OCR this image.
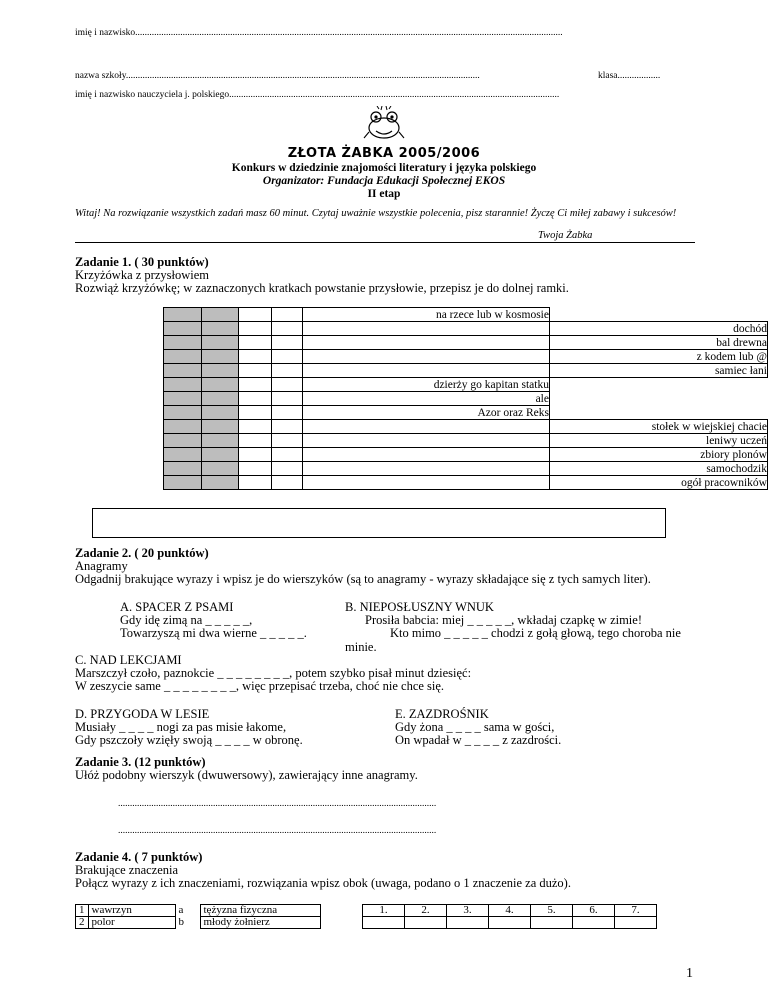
imię i nazwisko....................................................................................................................................................................................
nazwa szkoły.....................................................................................................................................................	klasa..................
imię i nazwisko nauczyciela j. polskiego...........................................................................................................................................
ZŁOTA ŻABKA 2005/2006
Konkurs w dziedzinie znajomości literatury i języka polskiego
Organizator: Fundacja Edukacji Społecznej EKOS
II etap
Witaj! Na rozwiązanie wszystkich zadań masz 60 minut. Czytaj uważnie wszystkie polecenia, pisz starannie! Życzę Ci miłej zabawy i sukcesów!
Twoja Żabka
Zadanie 1. ( 30 punktów)
Krzyżówka z przysłowiem
Rozwiąż krzyżówkę; w zaznaczonych kratkach powstanie przysłowie, przepisz je do dolnej ramki.
				na rzece lub w kosmosie	
					dochód
					bal drewna
					z kodem lub @
					samiec łani
				dzierży go kapitan statku	
				ale	
				Azor oraz Reks	
					stołek w wiejskiej chacie
					leniwy uczeń
					zbiory plonów
					samochodzik
					ogół pracowników
Zadanie 2. ( 20 punktów)
Anagramy
Odgadnij brakujące wyrazy i wpisz je do wierszyków (są to anagramy - wyrazy składające się z tych samych liter).
A. SPACER Z PSAMI
Gdy idę zimą na _ _ _ _ _,
Towarzyszą mi dwa wierne _ _ _ _ _.
B. NIEPOSŁUSZNY WNUK
Prosiła babcia: miej _ _ _ _ _, wkładaj czapkę w zimie!
Kto mimo _ _ _ _ _ chodzi z gołą głową, tego choroba nie
minie.
C. NAD LEKCJAMI
Marszczył czoło, paznokcie _ _ _ _ _ _ _ _, potem szybko pisał minut dziesięć:
W zeszycie same _ _ _ _ _ _ _ _, więc przepisać trzeba, choć nie chce się.
D. PRZYGODA W LESIE
Musiały _ _ _ _ nogi za pas misie łakome,
Gdy pszczoły wzięły swoją _ _ _ _ w obronę.
E. ZAZDROŚNIK
Gdy żona _ _ _ _ sama w gości,
On wpadał w _ _ _ _ z zazdrości.
Zadanie 3. (12 punktów)
Ułóż podobny wierszyk (dwuwersowy), zawierający inne anagramy.
......................................................................................................................................
......................................................................................................................................
Zadanie 4. ( 7 punktów)
Brakujące znaczenia
Połącz wyrazy z ich znaczeniami, rozwiązania wpisz obok (uwaga, podano o 1 znaczenie za dużo).
1	wawrzyn	a	tężyzna fizyczna
2	polor	b	młody żołnierz
1.	2.	3.	4.	5.	6.	7.

1
